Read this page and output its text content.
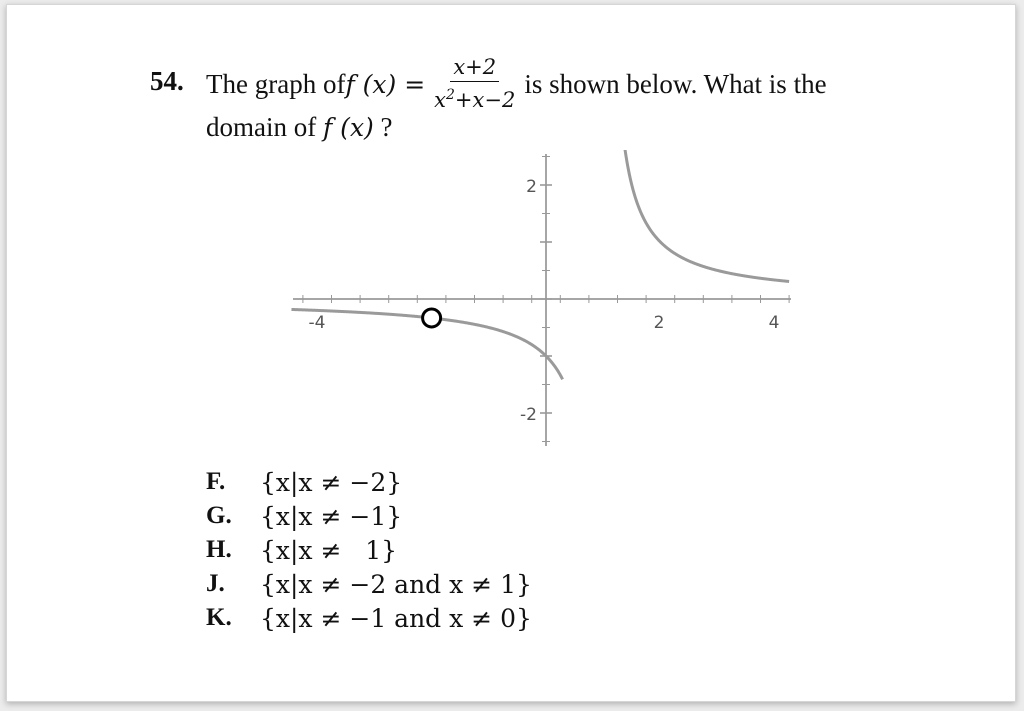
54. The graph of f $(x) = \frac{x+2}{x^2+x-2}$ is shown below. What is the
domain of f (x) ?
-4	2	4
2
-2
F.	{x|x ≠ −2}
G.	{x|x ≠ −1}
H.	{x|x ≠   1}
J.	{x|x ≠ −2 and x ≠ 1}
K.	{x|x ≠ −1 and x ≠ 0}
